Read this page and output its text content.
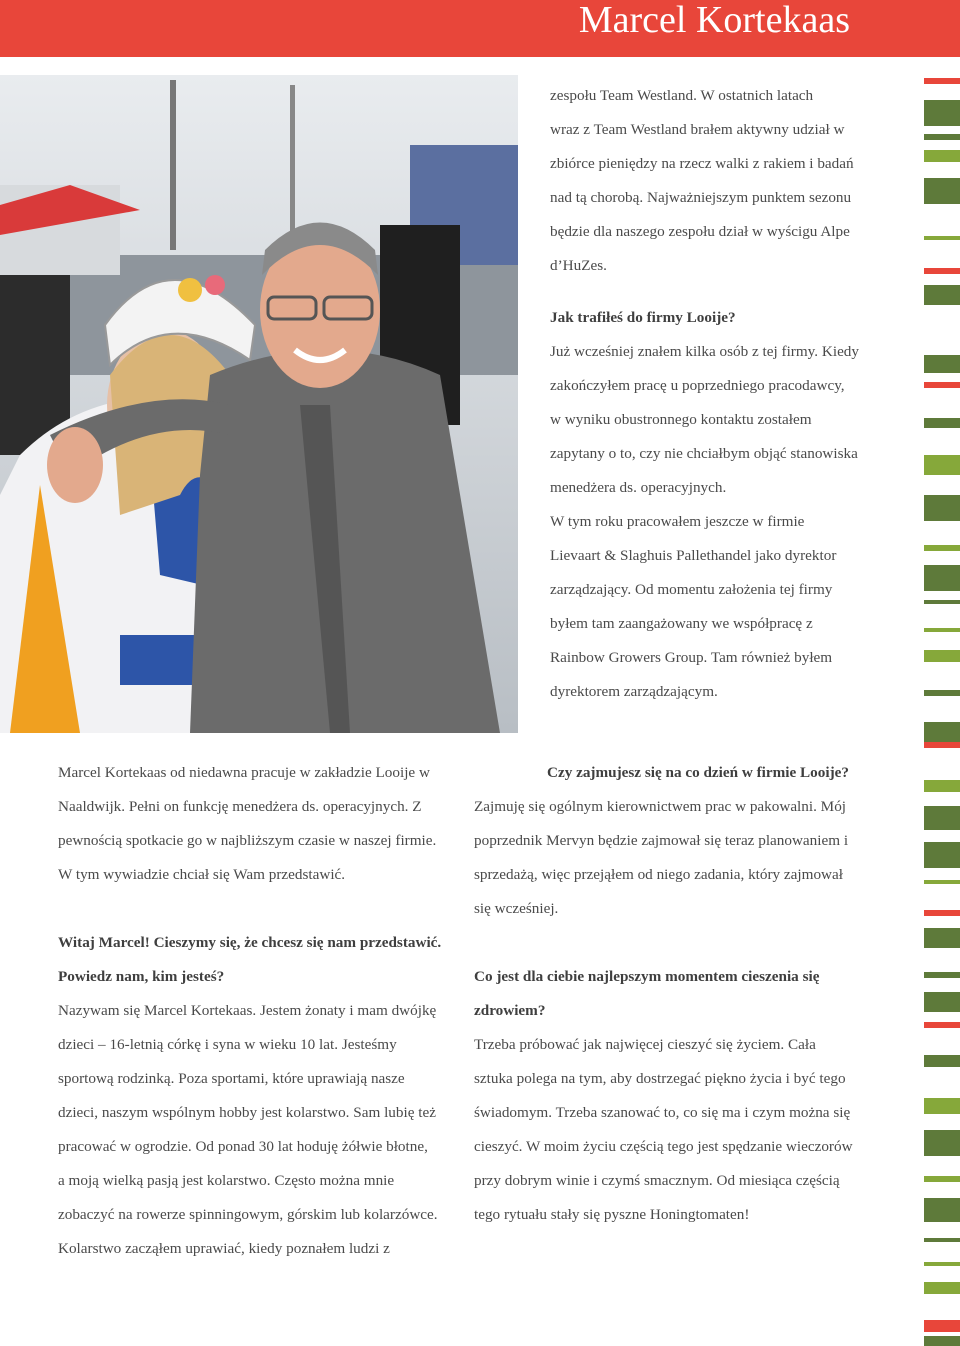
Marcel Kortekaas

zespołu Team Westland. W ostatnich latach

wraz z Team Westland brałem aktywny udział w

zbiórce pieniędzy na rzecz walki z rakiem i badań

nad tą chorobą. Najważniejszym punktem sezonu

będzie dla naszego zespołu dział w wyścigu Alpe

d’HuZes.

Jak trafiłeś do firmy Looije?

Już wcześniej znałem kilka osób z tej firmy. Kiedy

zakończyłem pracę u poprzedniego pracodawcy,

w wyniku obustronnego kontaktu zostałem

zapytany o to, czy nie chciałbym objąć stanowiska

menedżera ds. operacyjnych.

W tym roku pracowałem jeszcze w firmie

Lievaart & Slaghuis Pallethandel jako dyrektor

zarządzający. Od momentu założenia tej firmy

byłem tam zaangażowany we współpracę z

Rainbow Growers Group. Tam również byłem

dyrektorem zarządzającym.

Marcel Kortekaas od niedawna pracuje w zakładzie Looije w

Naaldwijk. Pełni on funkcję menedżera ds. operacyjnych. Z

pewnością spotkacie go w najbliższym czasie w naszej firmie.

W tym wywiadzie chciał się Wam przedstawić.

Witaj Marcel! Cieszymy się, że chcesz się nam przedstawić.

Powiedz nam, kim jesteś?

Nazywam się Marcel Kortekaas. Jestem żonaty i mam dwójkę

dzieci – 16-letnią córkę i syna w wieku 10 lat. Jesteśmy

sportową rodzinką. Poza sportami, które uprawiają nasze

dzieci, naszym wspólnym hobby jest kolarstwo. Sam lubię też

pracować w ogrodzie. Od ponad 30 lat hoduję żółwie błotne,

a moją wielką pasją jest kolarstwo. Często można mnie

zobaczyć na rowerze spinningowym, górskim lub kolarzówce.

Kolarstwo zacząłem uprawiać, kiedy poznałem ludzi z

Czy zajmujesz się na co dzień w firmie Looije?

Zajmuję się ogólnym kierownictwem prac w pakowalni. Mój

poprzednik Mervyn będzie zajmował się teraz planowaniem i

sprzedażą, więc przejąłem od niego zadania, który zajmował

się wcześniej.

Co jest dla ciebie najlepszym momentem cieszenia się

zdrowiem?

Trzeba próbować jak najwięcej cieszyć się życiem. Cała

sztuka polega na tym, aby dostrzegać piękno życia i być tego

świadomym. Trzeba szanować to, co się ma i czym można się

cieszyć. W moim życiu częścią tego jest spędzanie wieczorów

przy dobrym winie i czymś smacznym. Od miesiąca częścią

tego rytuału stały się pyszne Honingtomaten!
